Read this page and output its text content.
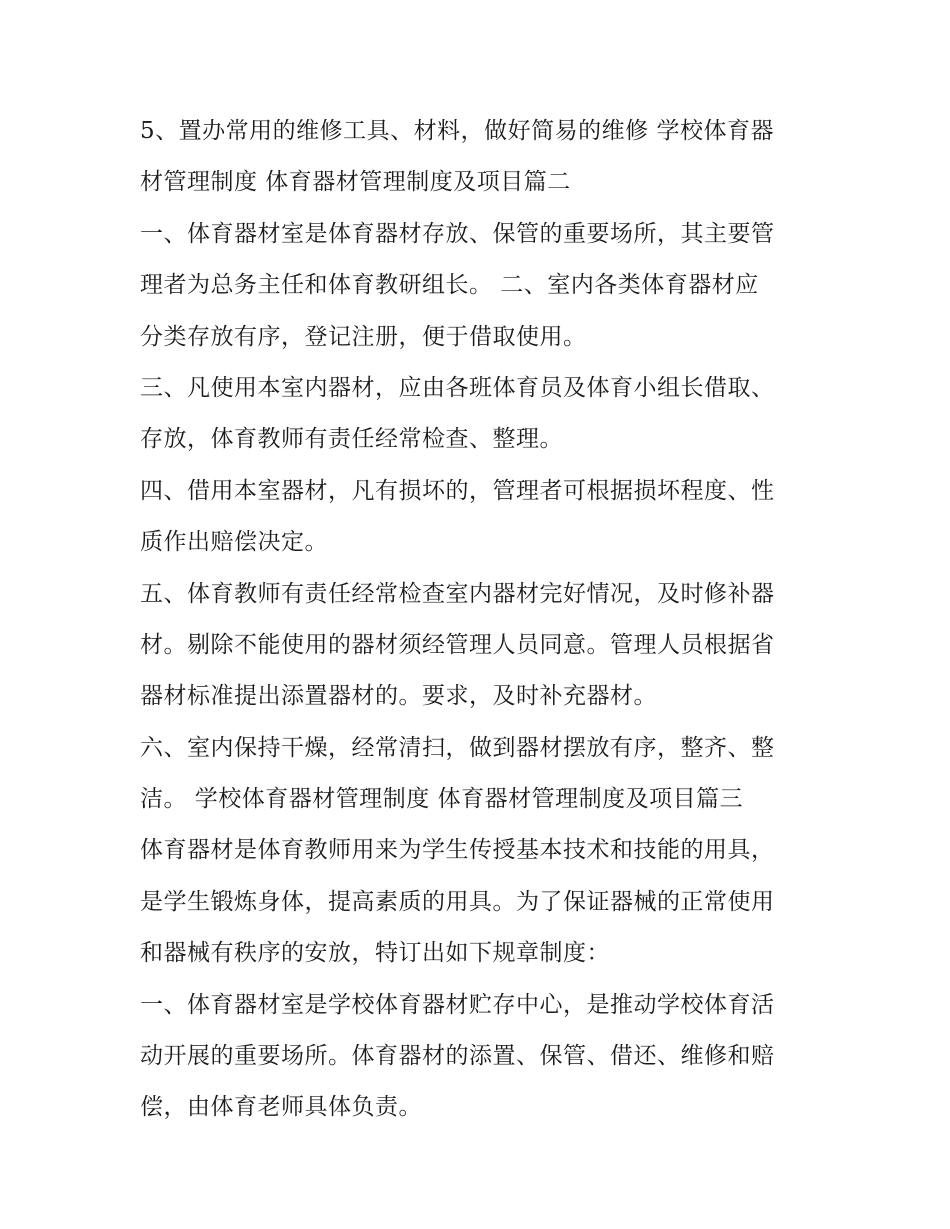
5、置办常用的维修工具、材料，做好简易的维修 学校体育器
材管理制度 体育器材管理制度及项目篇二
一、体育器材室是体育器材存放、保管的重要场所，其主要管
理者为总务主任和体育教研组长。 二、室内各类体育器材应
分类存放有序，登记注册，便于借取使用。
三、凡使用本室内器材，应由各班体育员及体育小组长借取、
存放，体育教师有责任经常检查、整理。
四、借用本室器材，凡有损坏的，管理者可根据损坏程度、性
质作出赔偿决定。
五、体育教师有责任经常检查室内器材完好情况，及时修补器
材。剔除不能使用的器材须经管理人员同意。管理人员根据省
器材标准提出添置器材的。要求，及时补充器材。
六、室内保持干燥，经常清扫，做到器材摆放有序，整齐、整
洁。 学校体育器材管理制度 体育器材管理制度及项目篇三
体育器材是体育教师用来为学生传授基本技术和技能的用具，
是学生锻炼身体，提高素质的用具。为了保证器械的正常使用
和器械有秩序的安放，特订出如下规章制度：
一、体育器材室是学校体育器材贮存中心，是推动学校体育活
动开展的重要场所。体育器材的添置、保管、借还、维修和赔
偿，由体育老师具体负责。
